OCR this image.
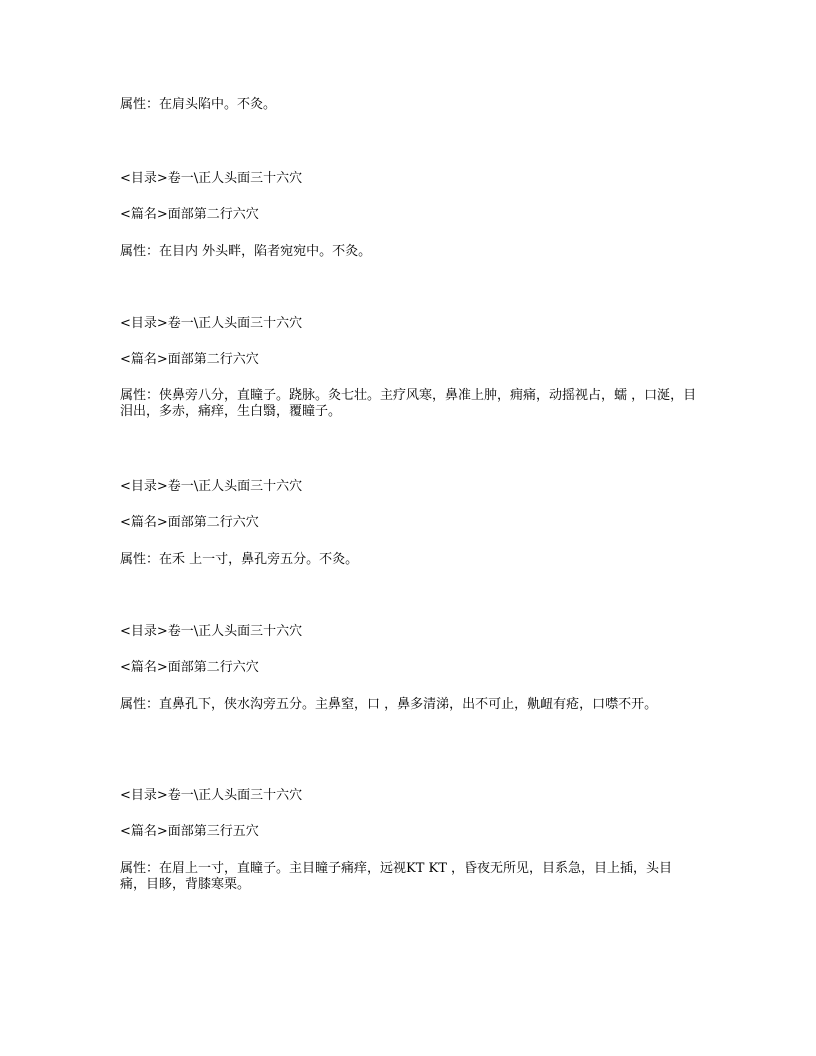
属性：在肩头陷中。不灸。
<目录>卷一\正人头面三十六穴
<篇名>面部第二行六穴
属性：在目内 外头畔，陷者宛宛中。不灸。
<目录>卷一\正人头面三十六穴
<篇名>面部第二行六穴
属性：侠鼻旁八分，直瞳子。跷脉。灸七壮。主疗风寒，鼻准上肿，痈痛，动摇视占，蠕 ，口涎，目泪出，多赤，痛痒，生白翳，覆瞳子。
<目录>卷一\正人头面三十六穴
<篇名>面部第二行六穴
属性：在禾 上一寸，鼻孔旁五分。不灸。
<目录>卷一\正人头面三十六穴
<篇名>面部第二行六穴
属性：直鼻孔下，侠水沟旁五分。主鼻窒，口 ，鼻多清涕，出不可止，鼽衄有疮，口噤不开。
<目录>卷一\正人头面三十六穴
<篇名>面部第三行五穴
属性：在眉上一寸，直瞳子。主目瞳子痛痒，远视KT KT ，昏夜无所见，目系急，目上插，头目
痛，目眵，背膝寒栗。
